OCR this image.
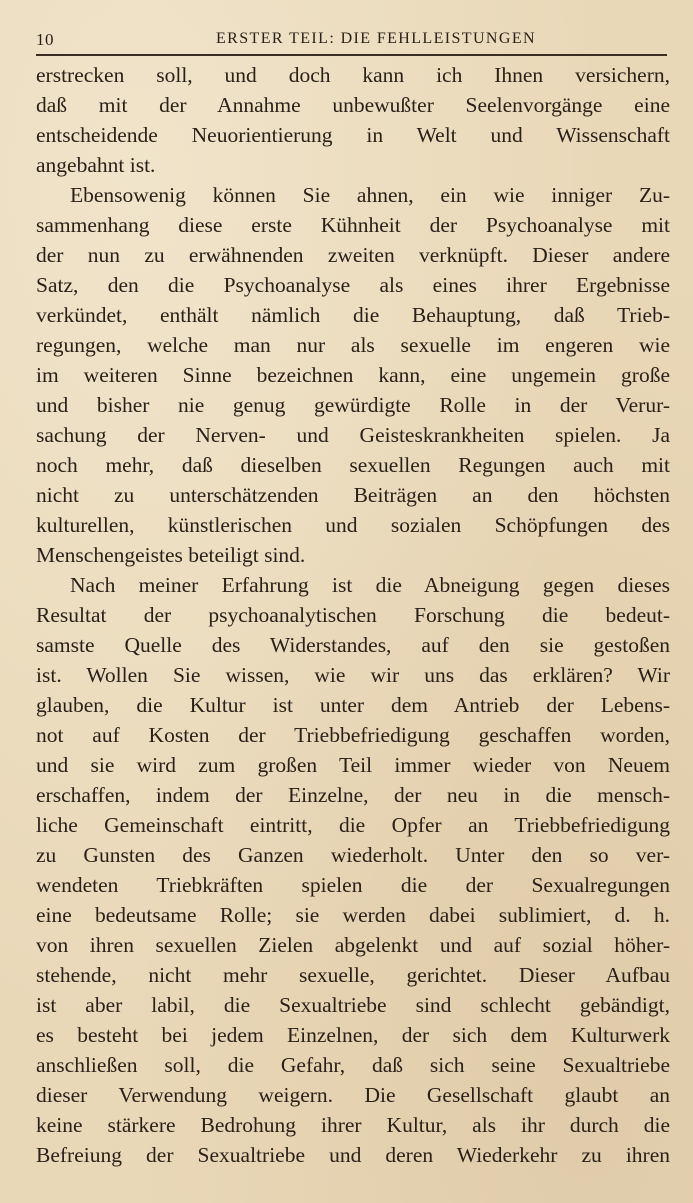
10	ERSTER TEIL: DIE FEHLLEISTUNGEN
erstrecken soll, und doch kann ich Ihnen versichern,
daß mit der Annahme unbewußter Seelenvorgänge eine
entscheidende Neuorientierung in Welt und Wissenschaft
angebahnt ist.
Ebensowenig können Sie ahnen, ein wie inniger Zu-
sammenhang diese erste Kühnheit der Psychoanalyse mit
der nun zu erwähnenden zweiten verknüpft. Dieser andere
Satz, den die Psychoanalyse als eines ihrer Ergebnisse
verkündet, enthält nämlich die Behauptung, daß Trieb-
regungen, welche man nur als sexuelle im engeren wie
im weiteren Sinne bezeichnen kann, eine ungemein große
und bisher nie genug gewürdigte Rolle in der Verur-
sachung der Nerven- und Geisteskrankheiten spielen. Ja
noch mehr, daß dieselben sexuellen Regungen auch mit
nicht zu unterschätzenden Beiträgen an den höchsten
kulturellen, künstlerischen und sozialen Schöpfungen des
Menschengeistes beteiligt sind.
Nach meiner Erfahrung ist die Abneigung gegen dieses
Resultat der psychoanalytischen Forschung die bedeut-
samste Quelle des Widerstandes, auf den sie gestoßen
ist. Wollen Sie wissen, wie wir uns das erklären? Wir
glauben, die Kultur ist unter dem Antrieb der Lebens-
not auf Kosten der Triebbefriedigung geschaffen worden,
und sie wird zum großen Teil immer wieder von Neuem
erschaffen, indem der Einzelne, der neu in die mensch-
liche Gemeinschaft eintritt, die Opfer an Triebbefriedigung
zu Gunsten des Ganzen wiederholt. Unter den so ver-
wendeten Triebkräften spielen die der Sexualregungen
eine bedeutsame Rolle; sie werden dabei sublimiert, d. h.
von ihren sexuellen Zielen abgelenkt und auf sozial höher-
stehende, nicht mehr sexuelle, gerichtet. Dieser Aufbau
ist aber labil, die Sexualtriebe sind schlecht gebändigt,
es besteht bei jedem Einzelnen, der sich dem Kulturwerk
anschließen soll, die Gefahr, daß sich seine Sexualtriebe
dieser Verwendung weigern. Die Gesellschaft glaubt an
keine stärkere Bedrohung ihrer Kultur, als ihr durch die
Befreiung der Sexualtriebe und deren Wiederkehr zu ihren
